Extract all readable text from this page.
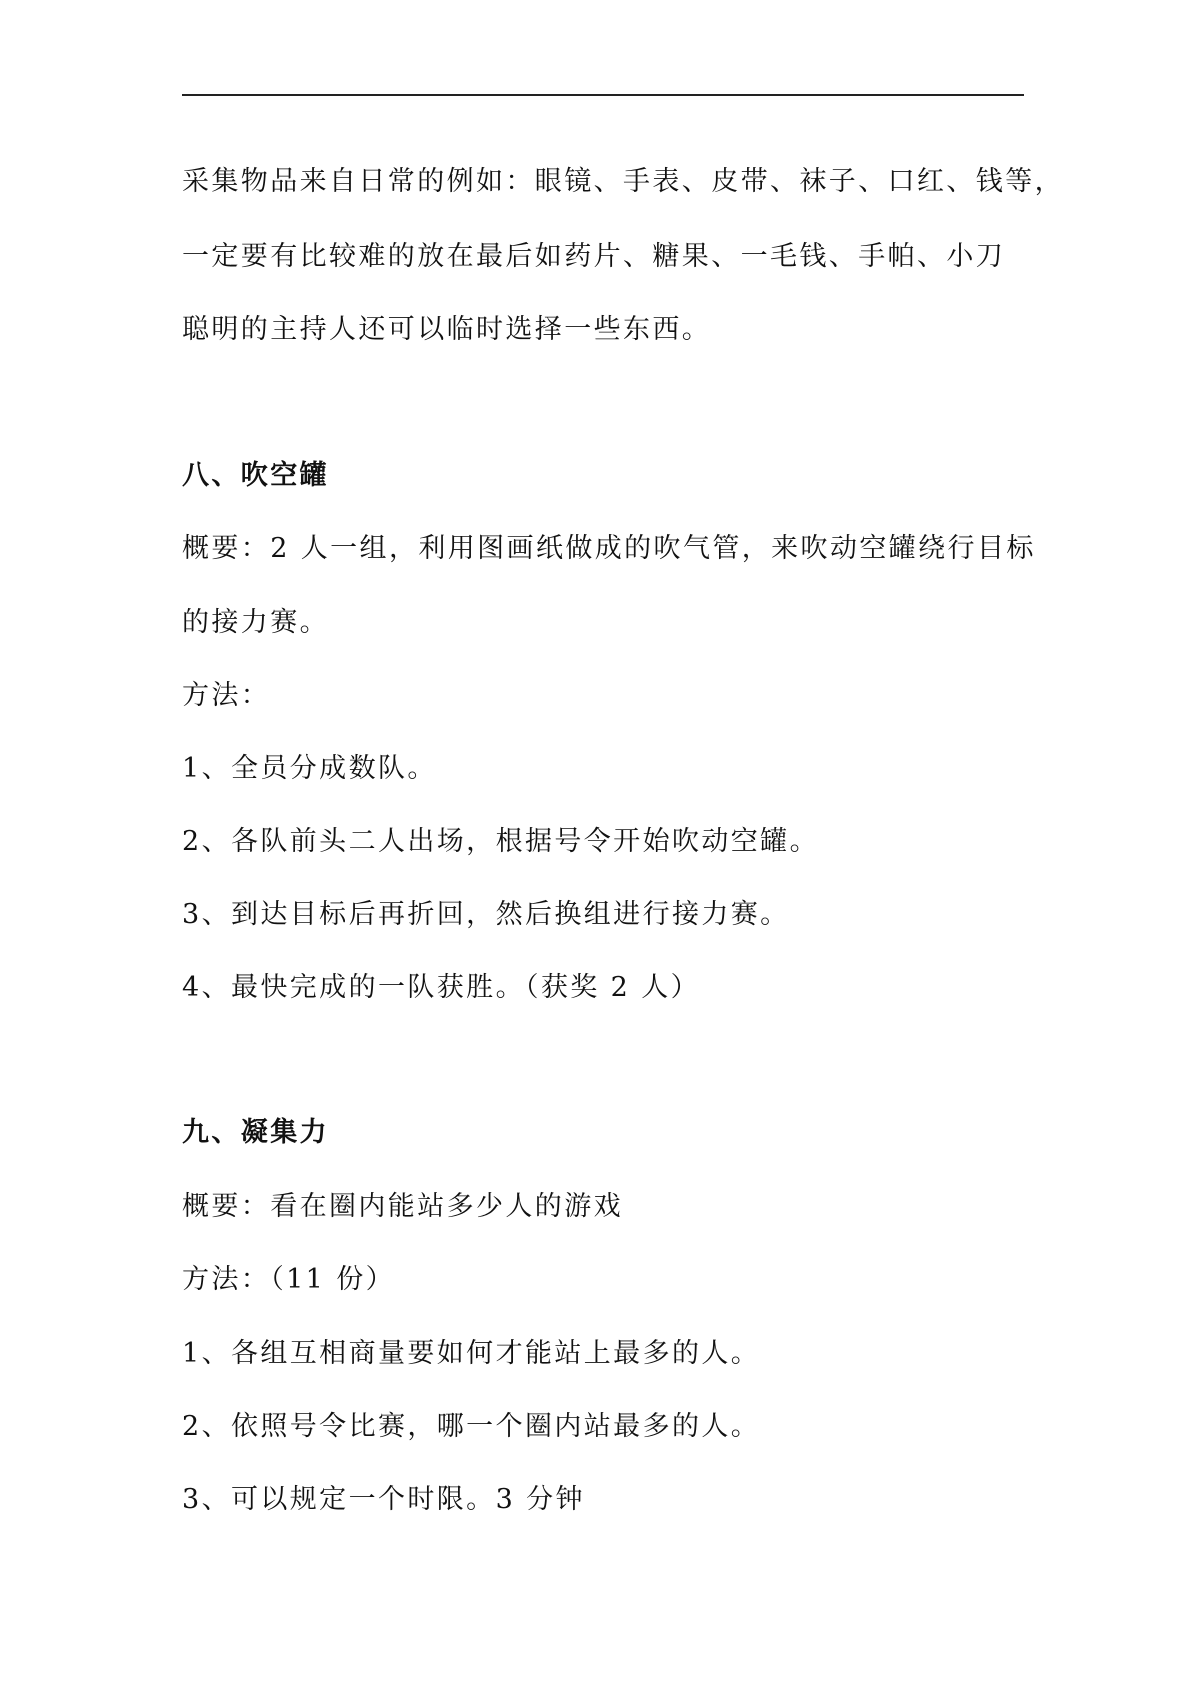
采集物品来自日常的例如：眼镜、手表、皮带、袜子、口红、钱等，
一定要有比较难的放在最后如药片、糖果、一毛钱、手帕、小刀
聪明的主持人还可以临时选择一些东西。
八、吹空罐
概要：2 人一组，利用图画纸做成的吹气管，来吹动空罐绕行目标
的接力赛。
方法：
1、全员分成数队。
2、各队前头二人出场，根据号令开始吹动空罐。
3、到达目标后再折回，然后换组进行接力赛。
4、最快完成的一队获胜。（获奖 2 人）
九、凝集力
概要：看在圈内能站多少人的游戏
方法：（11 份）
1、各组互相商量要如何才能站上最多的人。
2、依照号令比赛，哪一个圈内站最多的人。
3、可以规定一个时限。3 分钟
